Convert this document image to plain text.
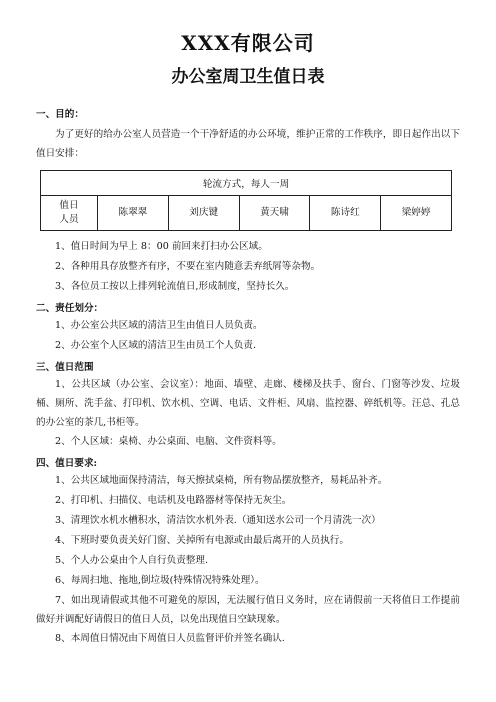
XXX有限公司
办公室周卫生值日表

一、目的：

为了更好的给办公室人员营造一个干净舒适的办公环境，维护正常的工作秩序，即日起作出以下值日安排：

轮流方式，每人一周
值日
人员	陈翠翠	刘庆键	黄天啸	陈诗红	梁婷婷

1、值日时间为早上 8：00 前回来打扫办公区域。

2、各种用具存放整齐有序，不要在室内随意丢弃纸屑等杂物。

3、各位员工按以上排列轮流值日,形成制度，坚持长久。

二、责任划分：

1、办公室公共区域的清洁卫生由值日人员负责。

2、办公室个人区域的清洁卫生由员工个人负责.

三、值日范围

1、公共区域（办公室、会议室）：地面、墙壁、走廊、楼梯及扶手、窗台、门窗等沙发、垃圾桶、厕所、洗手盆、打印机、饮水机、空调、电话、文件柜、风扇、监控器、碎纸机等。汪总、孔总的办公室的茶几,书柜等。

2、个人区域：桌椅、办公桌面、电脑、文件资料等。

四、值日要求:

1、公共区域地面保持清洁，每天擦拭桌椅，所有物品摆放整齐，易耗品补齐。

2、打印机、扫描仪、电话机及电路器材等保持无灰尘。

3、清理饮水机水槽积水，清洁饮水机外表.（通知送水公司一个月清洗一次）

4、下班时要负责关好门窗、关掉所有电源或由最后离开的人员执行。

5、个人办公桌由个人自行负责整理.

6、每周扫地、拖地,倒垃圾(特殊情况特殊处理）。

7、如出现请假或其他不可避免的原因，无法履行值日义务时，应在请假前一天将值日工作提前做好并调配好请假日的值日人员，以免出现值日空缺现象。

8、本周值日情况由下周值日人员监督评价并签名确认.
